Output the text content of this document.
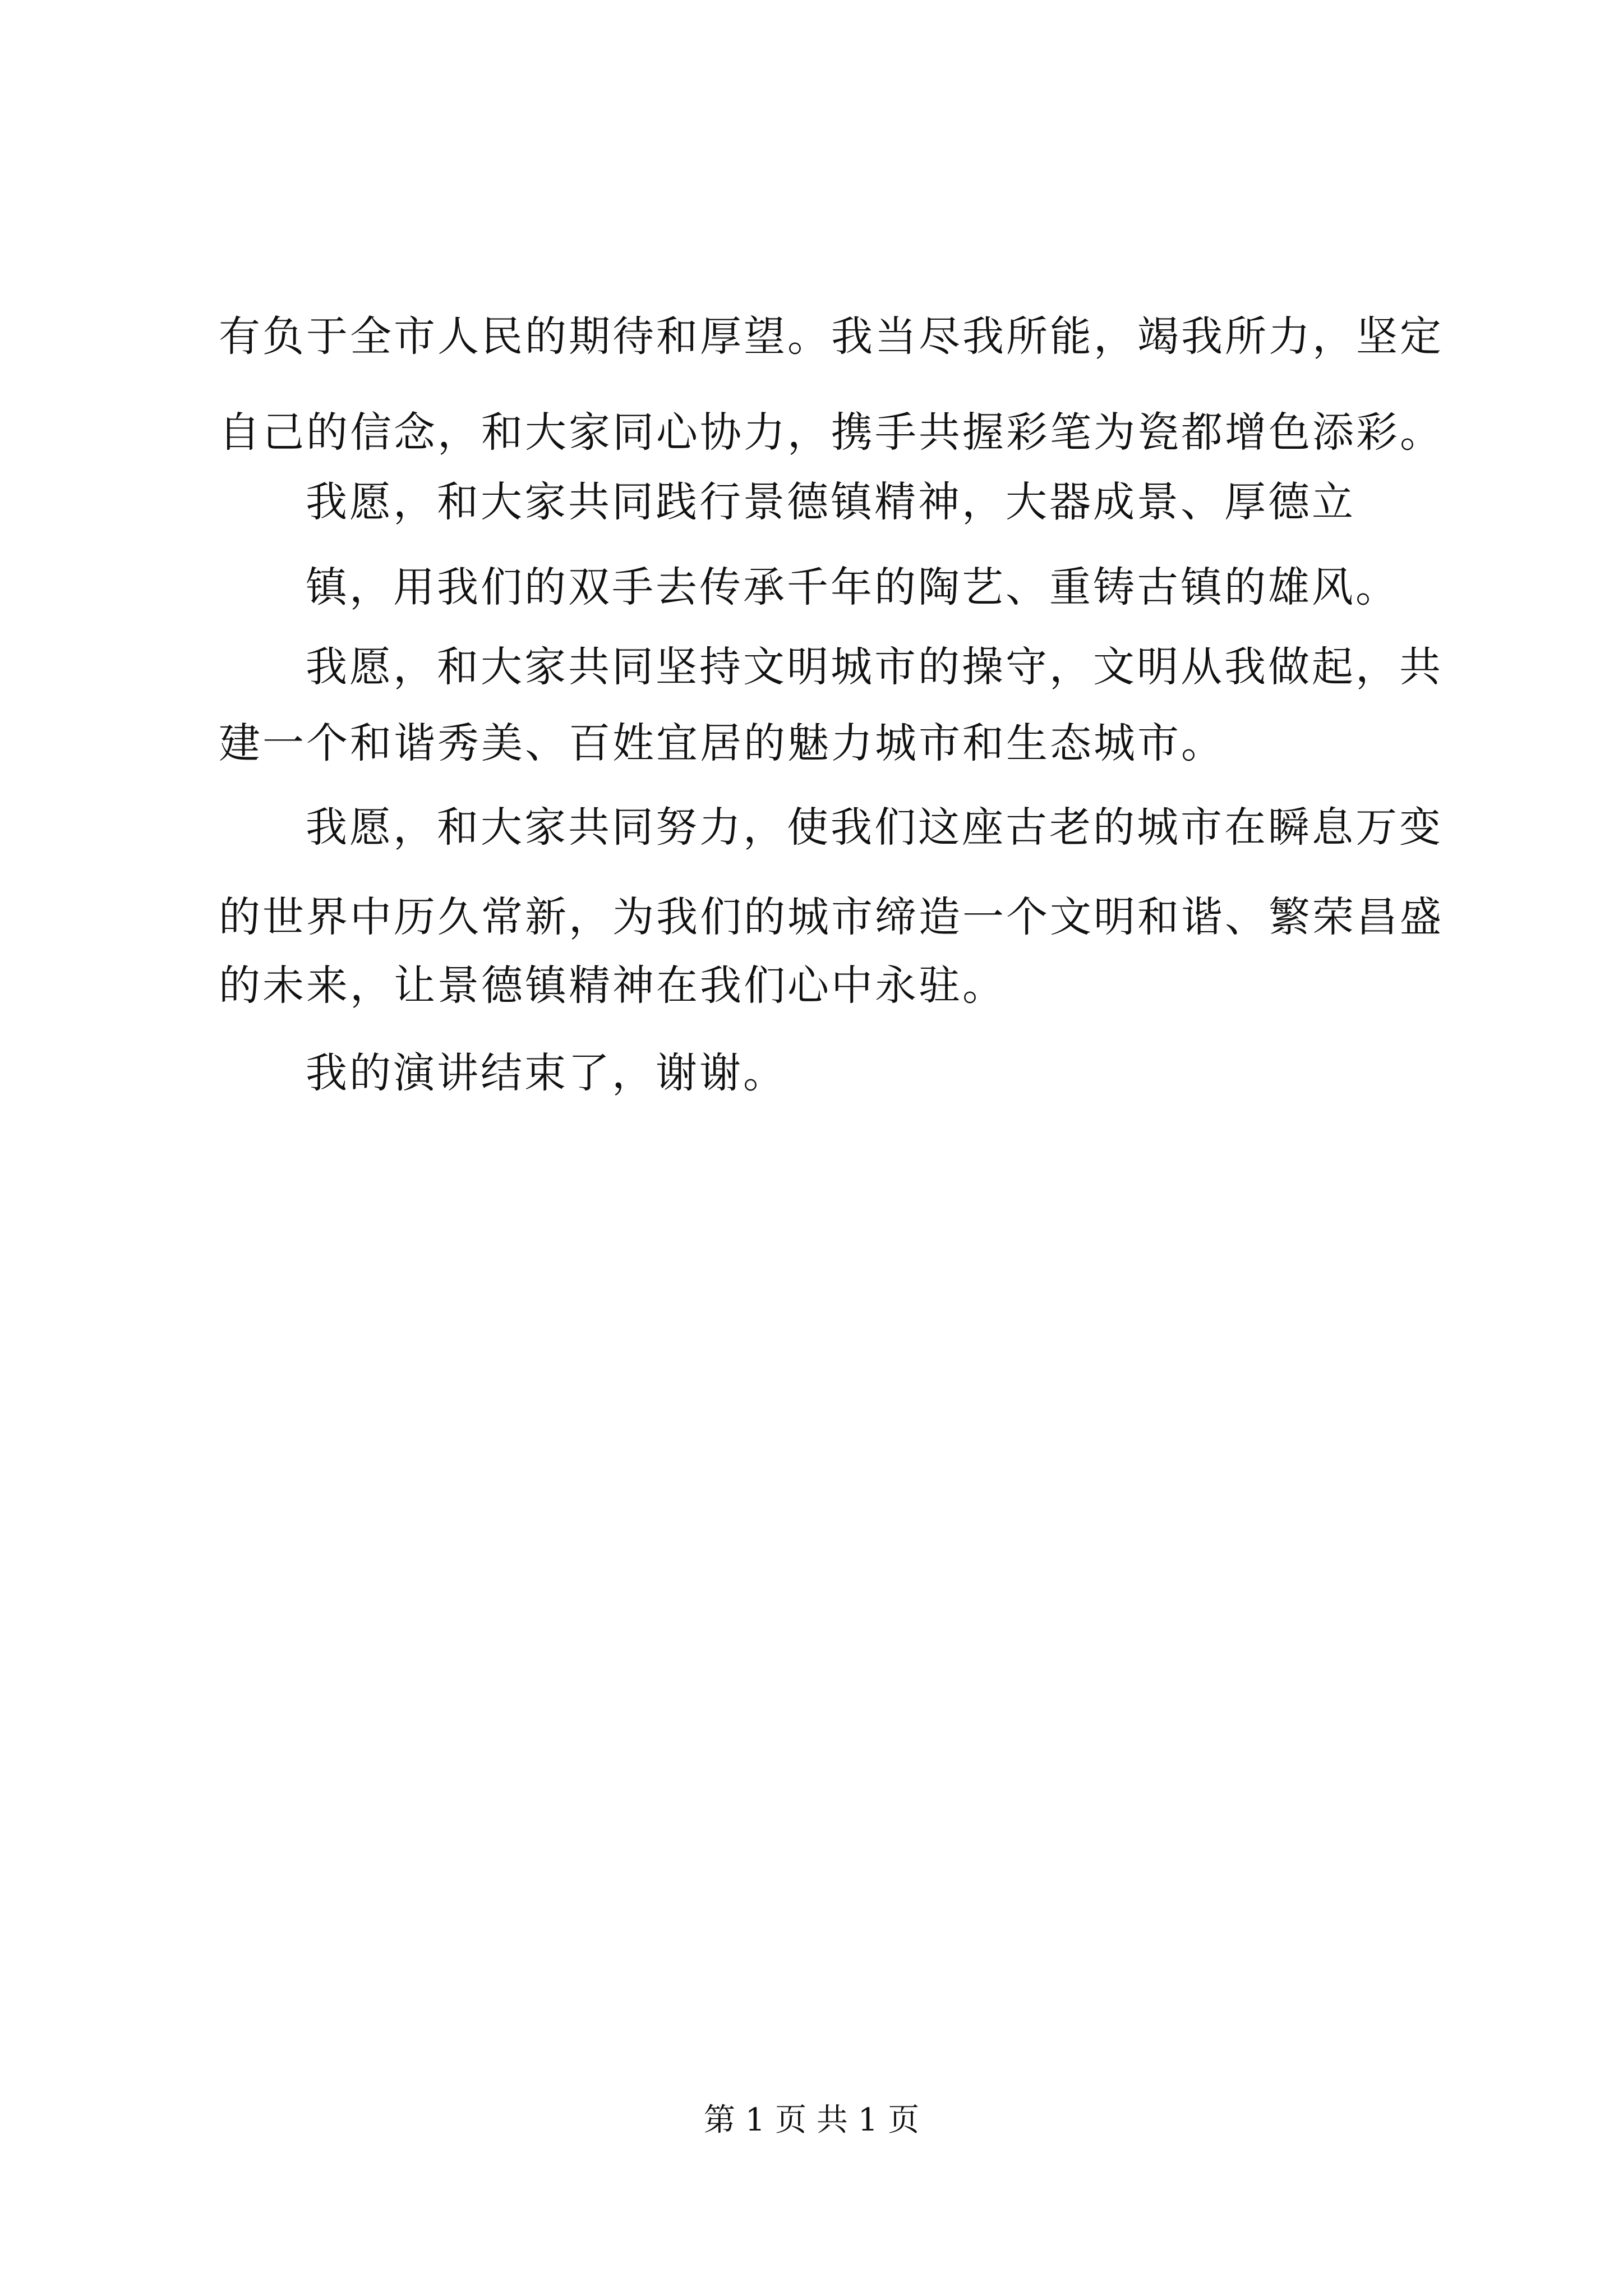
有负于全市人民的期待和厚望。我当尽我所能，竭我所力，坚定
自己的信念，和大家同心协力，携手共握彩笔为瓷都增色添彩。
我愿，和大家共同践行景德镇精神，大器成景、厚德立
镇，用我们的双手去传承千年的陶艺、重铸古镇的雄风。
我愿，和大家共同坚持文明城市的操守，文明从我做起，共
建一个和谐秀美、百姓宜居的魅力城市和生态城市。
我愿，和大家共同努力，使我们这座古老的城市在瞬息万变
的世界中历久常新，为我们的城市缔造一个文明和谐、繁荣昌盛
的未来，让景德镇精神在我们心中永驻。
我的演讲结束了，谢谢。
第 1 页 共 1 页
